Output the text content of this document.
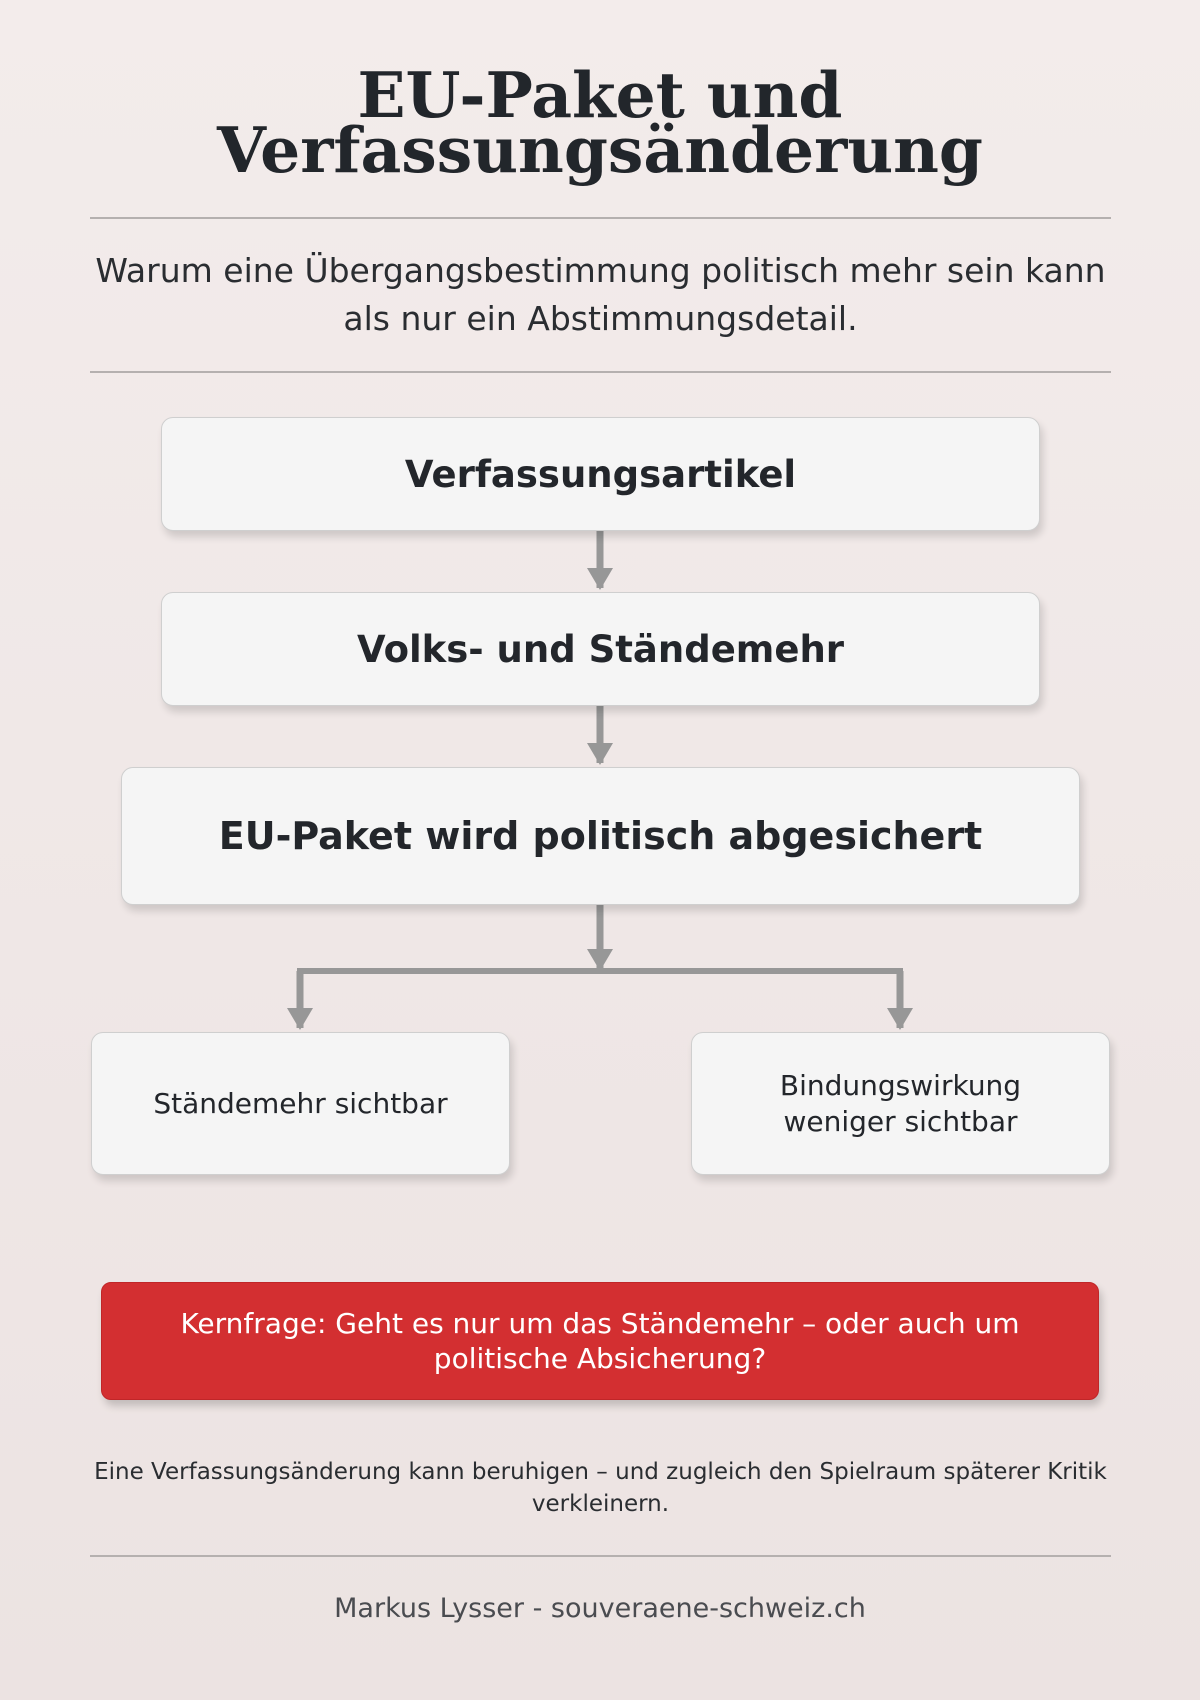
EU-Paket und
Verfassungsänderung
Warum eine Übergangsbestimmung politisch mehr sein kann als nur ein Abstimmungsdetail.
Verfassungsartikel
Volks- und Ständemehr
EU-Paket wird politisch abgesichert
Ständemehr sichtbar
Bindungswirkung weniger sichtbar
Kernfrage: Geht es nur um das Ständemehr – oder auch um politische Absicherung?
Eine Verfassungsänderung kann beruhigen – und zugleich den Spielraum späterer Kritik verkleinern.
Markus Lysser - souveraene-schweiz.ch
